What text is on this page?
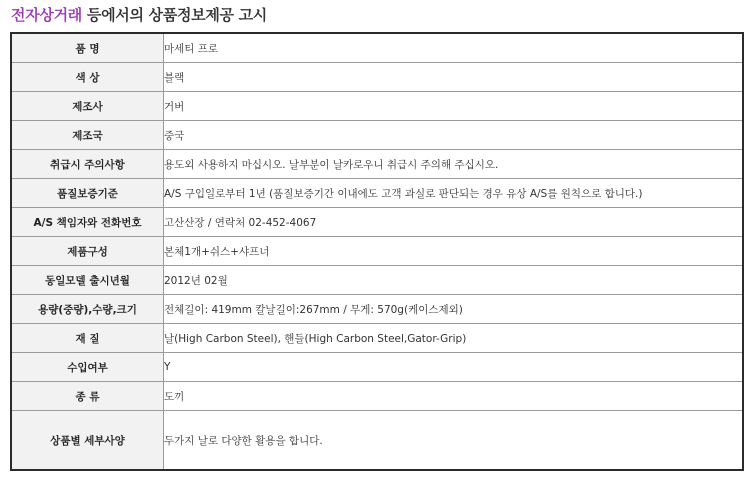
전자상거래 등에서의 상품정보제공 고시
품 명	마세티 프로
색 상	블랙
제조사	거버
제조국	중국
취급시 주의사항	용도외 사용하지 마십시오. 날부분이 날카로우니 취급시 주의해 주십시오.
품질보증기준	A/S 구입일로부터 1년 (품질보증기간 이내에도 고객 과실로 판단되는 경우 유상 A/S를 원칙으로 합니다.)
A/S 책임자와 전화번호	고산산장 / 연락처 02-452-4067
제품구성	본체1개+쉬스+샤프너
동일모델 출시년월	2012년 02월
용량(중량),수량,크기	전체길이: 419mm 칼날길이:267mm / 무게: 570g(케이스제외)
재 질	날(High Carbon Steel), 핸들(High Carbon Steel,Gator-Grip)
수입여부	Y
종 류	도끼
상품별 세부사양	두가지 날로 다양한 활용을 합니다.
